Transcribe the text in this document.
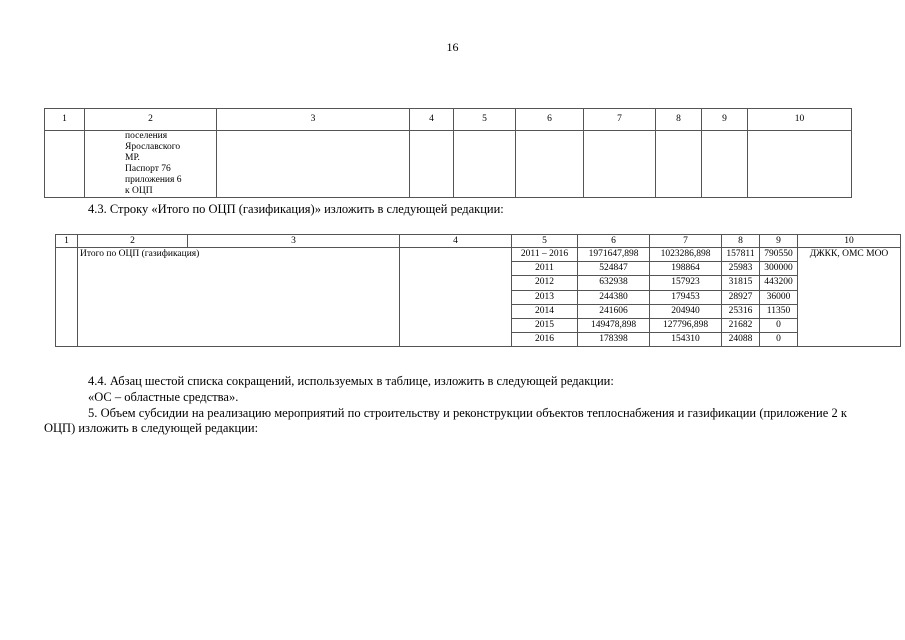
16
1	2	3	4	5	6	7	8	9	10

	поселения Ярославского
МР.
Паспорт 76 приложения 6
к ОЦП								

4.3. Строку «Итого по ОЦП (газификация)» изложить в следующей редакции:
1	2	3	4	5	6	7	8	9	10
	Итого по ОЦП (газификация)			2011 – 2016	1971647,898	1023286,898	157811	790550	ДЖКК, ОМС МОО
				2011	524847	198864	25983	300000	
				2012	632938	157923	31815	443200	
				2013	244380	179453	28927	36000	
				2014	241606	204940	25316	11350	
				2015	149478,898	127796,898	21682	0	
				2016	178398	154310	24088	0	
4.4. Абзац шестой списка сокращений, используемых в таблице, изложить в следующей редакции:
«ОС – областные средства».
5. Объем субсидии на реализацию мероприятий по строительству и реконструкции объектов теплоснабжения и газификации (приложение 2 к ОЦП) изложить в следующей редакции:
